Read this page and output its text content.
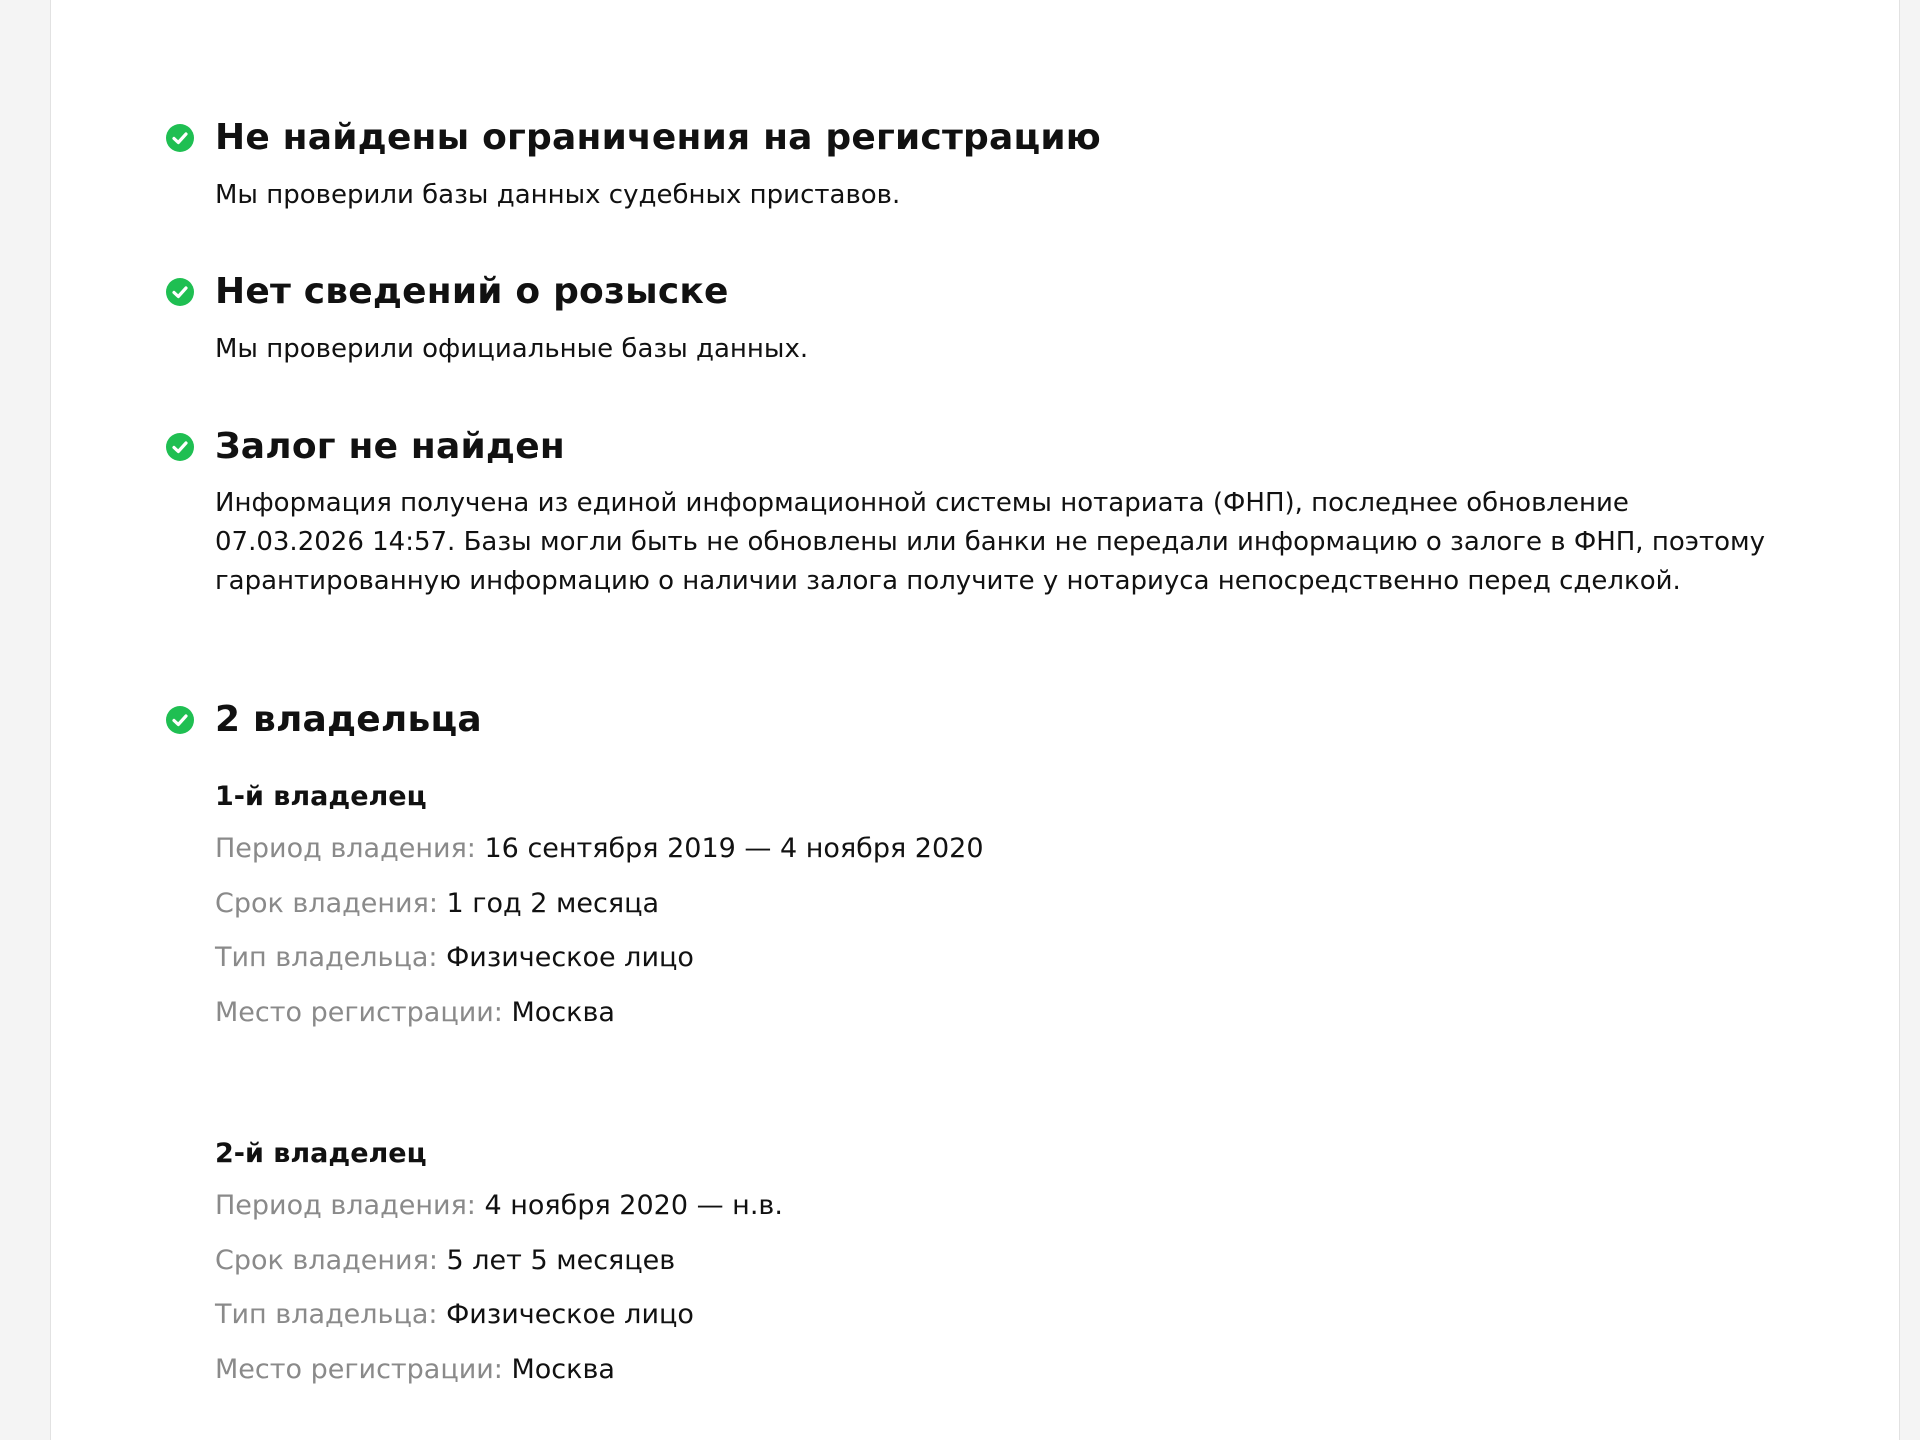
Не найдены ограничения на регистрацию
Мы проверили базы данных судебных приставов.
Нет сведений о розыске
Мы проверили официальные базы данных.
Залог не найден
Информация получена из единой информационной системы нотариата (ФНП), последнее обновление 07.03.2026 14:57. Базы могли быть не обновлены или банки не передали информацию о залоге в ФНП, поэтому гарантированную информацию о наличии залога получите у нотариуса непосредственно перед сделкой.
2 владельца
1-й владелец
Период владения: 16 сентября 2019 — 4 ноября 2020
Срок владения: 1 год 2 месяца
Тип владельца: Физическое лицо
Место регистрации: Москва
2-й владелец
Период владения: 4 ноября 2020 — н.в.
Срок владения: 5 лет 5 месяцев
Тип владельца: Физическое лицо
Место регистрации: Москва
